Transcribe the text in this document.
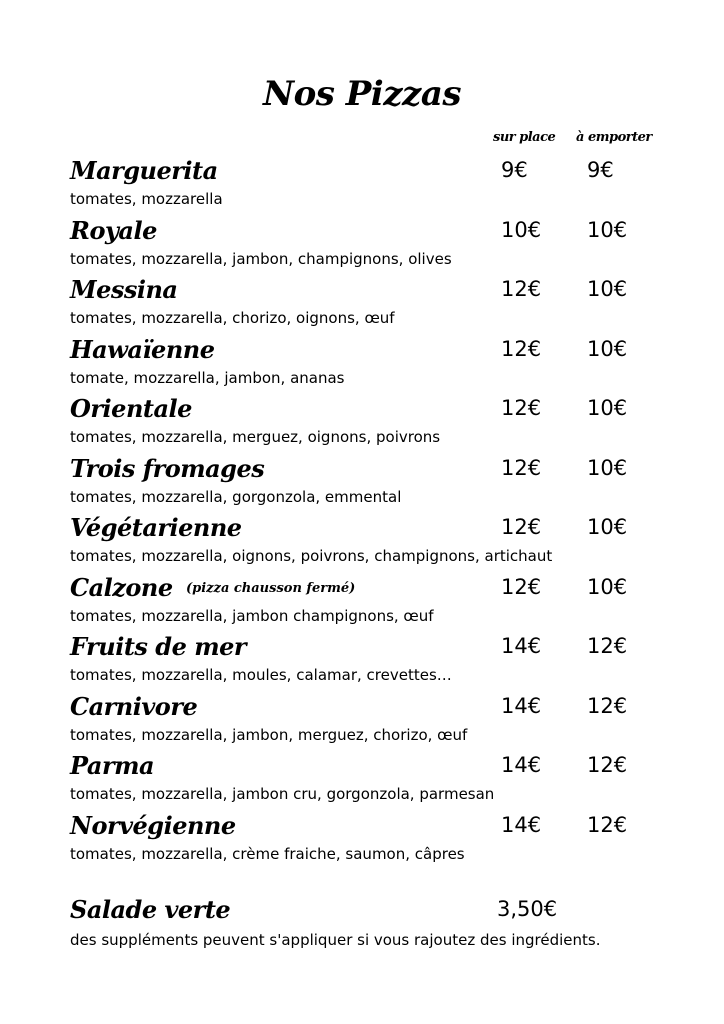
Nos Pizzas
sur place à emporter
Marguerita
tomates, mozzarella
9€	9€
Royale
tomates, mozzarella, jambon, champignons, olives
10€ 10€
Messina
tomates, mozzarella, chorizo, oignons, œuf
12€ 10€
Hawaïenne
tomate, mozzarella, jambon, ananas
12€ 10€
Orientale
tomates, mozzarella, merguez, oignons, poivrons
12€ 10€
Trois fromages
tomates, mozzarella, gorgonzola, emmental
12€ 10€
Végétarienne
tomates, mozzarella, oignons, poivrons, champignons, artichaut
12€ 10€
Calzone (pizza chausson fermé)
tomates, mozzarella, jambon champignons, œuf
12€ 10€
Fruits de mer
tomates, mozzarella, moules, calamar, crevettes…
14€ 12€
Carnivore
tomates, mozzarella, jambon, merguez, chorizo, œuf
14€ 12€
Parma
tomates, mozzarella, jambon cru, gorgonzola, parmesan
14€ 12€
Norvégienne
tomates, mozzarella, crème fraiche, saumon, câpres
14€ 12€
Salade verte	3,50€
des suppléments peuvent s'appliquer si vous rajoutez des ingrédients.
